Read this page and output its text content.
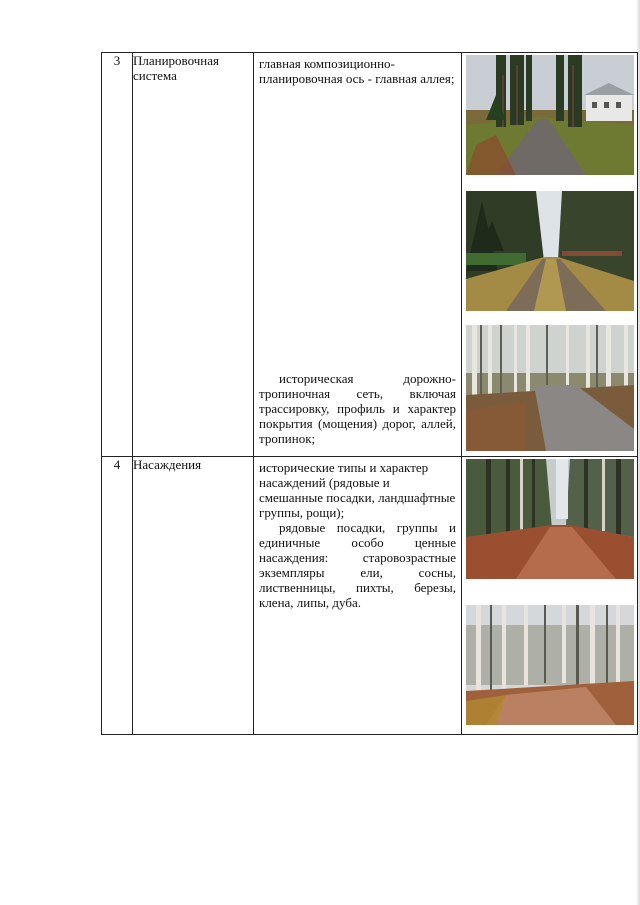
3	Планировочная система	главная композиционно-планировочная ось - главная аллея;
историческая дорожно-тропиночная сеть, включая трассировку, профиль и характер покрытия (мощения) дорог, аллей, тропинок;

4	Насаждения	исторические типы и характер насаждений (рядовые и смешанные посадки, ландшафтные группы, рощи);
рядовые посадки, группы и единичные особо ценные насаждения: старовозрастные экземпляры ели, сосны, лиственницы, пихты, березы, клена, липы, дуба.
